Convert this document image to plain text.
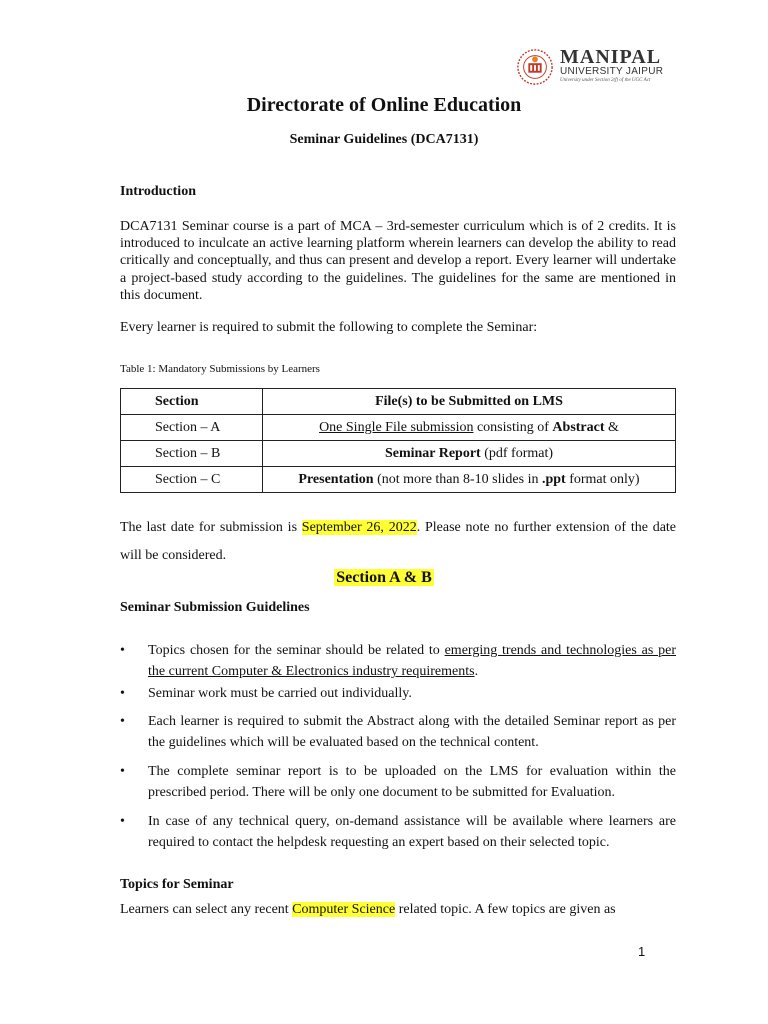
MANIPAL
UNIVERSITY JAIPUR
University under Section 2(f) of the UGC Act
Directorate of Online Education
Seminar Guidelines (DCA7131)
Introduction

DCA7131 Seminar course is a part of MCA – 3rd-semester curriculum which is of 2 credits. It is introduced to inculcate an active learning platform wherein learners can develop the ability to read critically and conceptually, and thus can present and develop a report. Every learner will undertake a project-based study according to the guidelines. The guidelines for the same are mentioned in this document.

Every learner is required to submit the following to complete the Seminar:

Table 1: Mandatory Submissions by Learners
Section	File(s) to be Submitted on LMS
Section – A	One Single File submission consisting of Abstract &
Section – B	Seminar Report (pdf format)
Section – C	Presentation (not more than 8-10 slides in .ppt format only)

The last date for submission is September 26, 2022. Please note no further extension of the date will be considered.

Section A & B
Seminar Submission Guidelines
• Topics chosen for the seminar should be related to emerging trends and technologies as per the current Computer & Electronics industry requirements.
• Seminar work must be carried out individually.
• Each learner is required to submit the Abstract along with the detailed Seminar report as per the guidelines which will be evaluated based on the technical content.
• The complete seminar report is to be uploaded on the LMS for evaluation within the prescribed period. There will be only one document to be submitted for Evaluation.
• In case of any technical query, on-demand assistance will be available where learners are required to contact the helpdesk requesting an expert based on their selected topic.
Topics for Seminar

Learners can select any recent Computer Science related topic. A few topics are given as

1
